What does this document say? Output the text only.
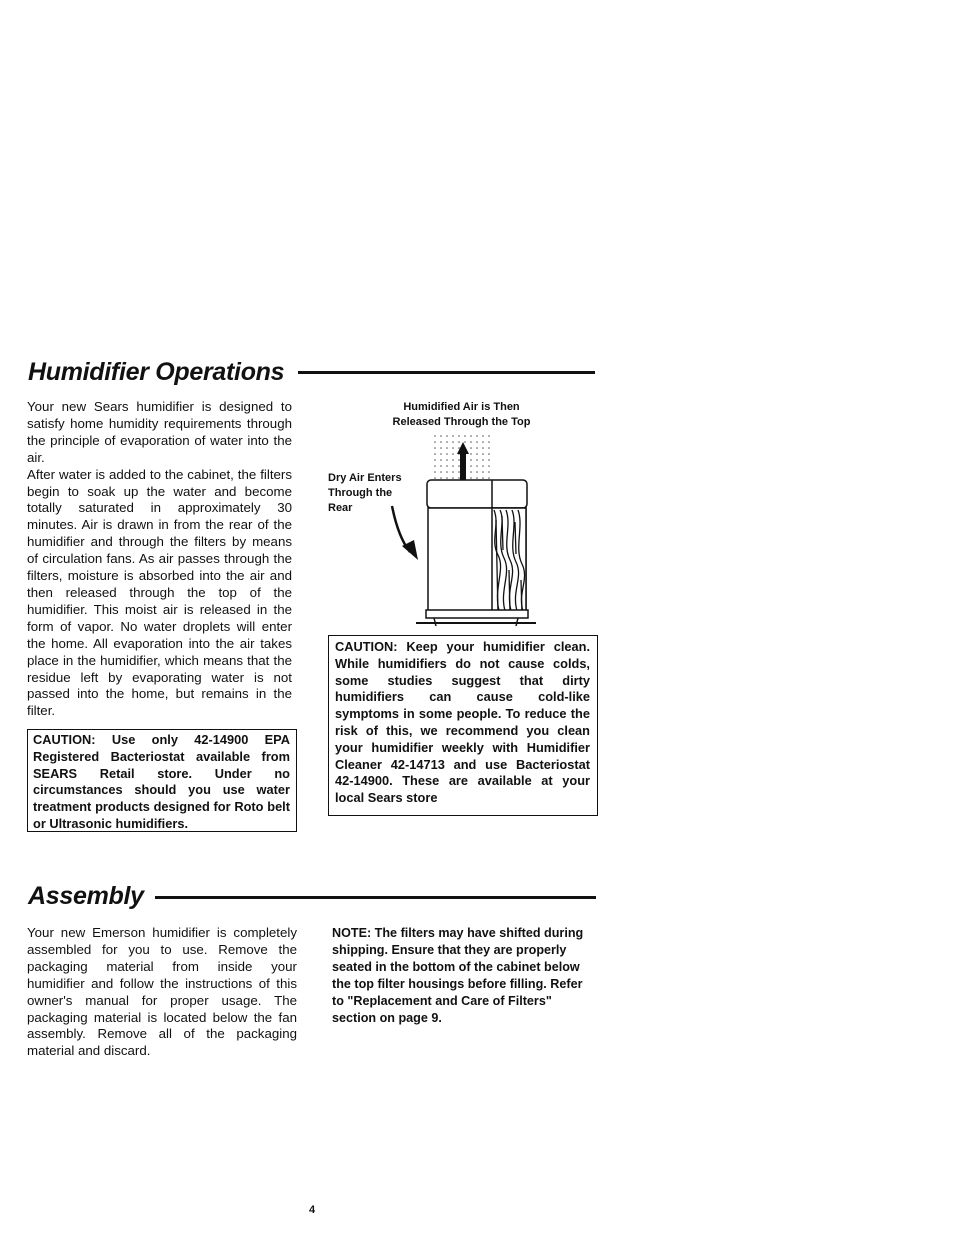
Humidifier Operations

Your new Sears humidifier is designed to satisfy home humidity requirements through the principle of evaporation of water into the air.

After water is added to the cabinet, the filters begin to soak up the water and become totally saturated in approximately 30 minutes. Air is drawn in from the rear of the humidifier and through the filters by means of circulation fans. As air passes through the filters, moisture is absorbed into the air and then released through the top of the humidifier. This moist air is released in the form of vapor. No water droplets will enter the home. All evaporation into the air takes place in the humidifier, which means that the residue left by evaporating water is not passed into the home, but remains in the filter.

CAUTION: Use only 42-14900 EPA Registered Bacteriostat available from SEARS Retail store. Under no circumstances should you use water treatment products designed for Roto belt or Ultrasonic humidifiers.
Humidified Air is Then
Released Through the Top
Dry Air Enters
Through the
Rear
CAUTION: Keep your humidifier clean. While humidifiers do not cause colds, some studies suggest that dirty humidifiers can cause cold-like symptoms in some people. To reduce the risk of this, we recommend you clean your humidifier weekly with Humidifier Cleaner 42-14713 and use Bacteriostat 42-14900. These are available at your local Sears store
Assembly
Your new Emerson humidifier is completely assembled for you to use. Remove the packaging material from inside your humidifier and follow the instructions of this owner's manual for proper usage. The packaging material is located below the fan assembly. Remove all of the packaging material and discard.
NOTE: The filters may have shifted during shipping. Ensure that they are properly seated in the bottom of the cabinet below the top filter housings before filling. Refer to "Replacement and Care of Filters" section on page 9.
4
